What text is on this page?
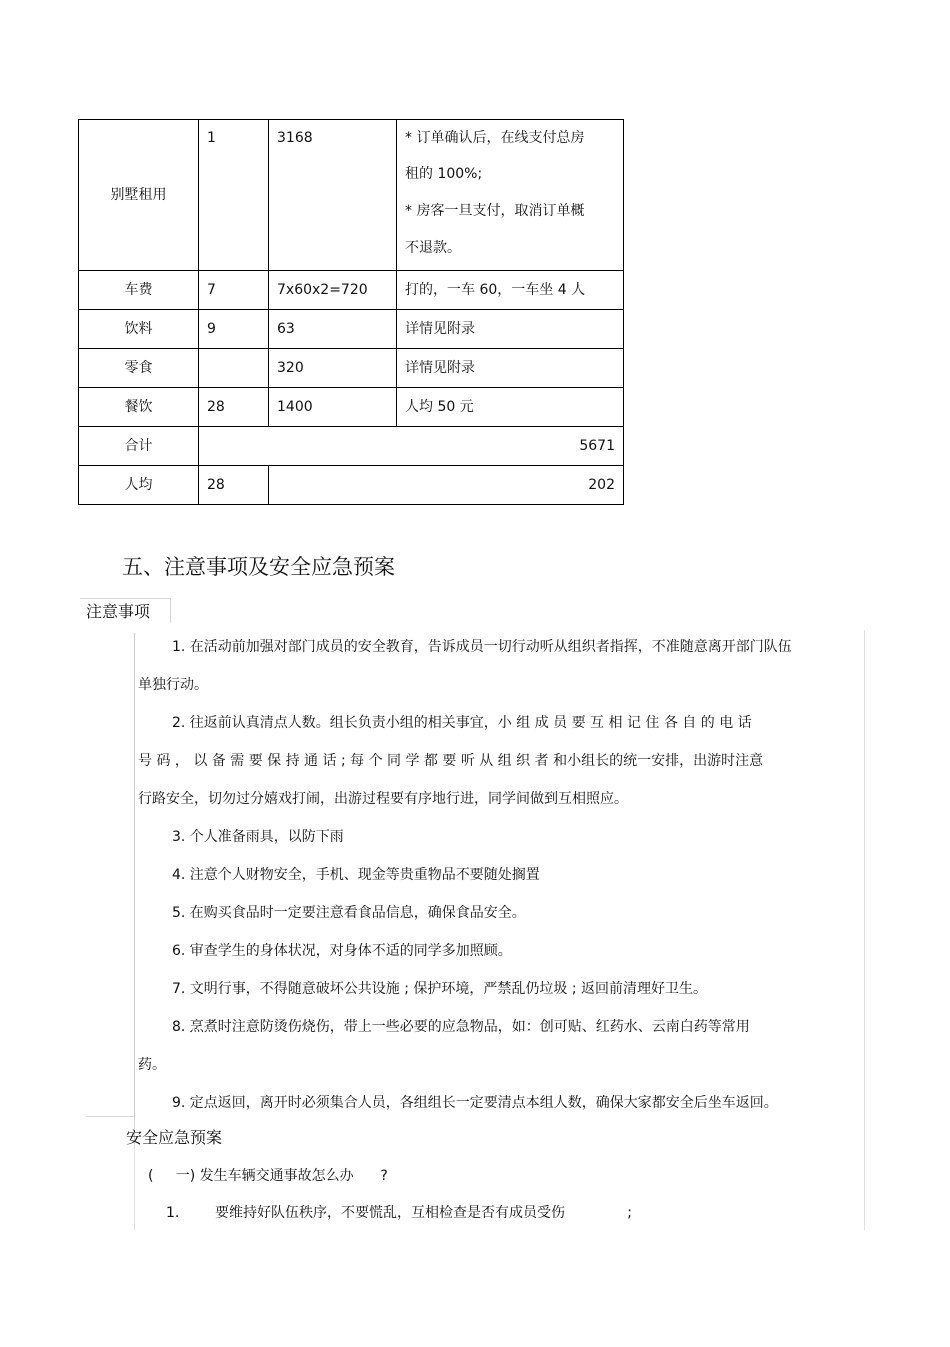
别墅租用	1	3168	* 订单确认后，在线支付总房

租的 100%;

* 房客一旦支付，取消订单概

不退款。

车费	7	7x60x2=720	打的，一车 60，一车坐 4 人
饮料	9	63	详情见附录
零食		320	详情见附录
餐饮	28	1400	人均 50 元
合计	5671		
人均	28	202	
五、注意事项及安全应急预案
注意事项

1. 在活动前加强对部门成员的安全教育，告诉成员一切行动听从组织者指挥，不准随意离开部门队伍

单独行动。

2. 往返前认真清点人数。组长负责小组的相关事宜，小 组 成 员 要 互 相 记 住 各 自 的 电 话

号 码 ， 以 备 需 要 保 持 通 话 ; 每 个 同 学 都 要 听 从 组 织 者 和小组长的统一安排，出游时注意

行路安全，切勿过分嬉戏打闹，出游过程要有序地行进，同学间做到互相照应。

3. 个人准备雨具，以防下雨

4. 注意个人财物安全，手机、现金等贵重物品不要随处搁置

5. 在购买食品时一定要注意看食品信息，确保食品安全。

6. 审查学生的身体状况，对身体不适的同学多加照顾。

7. 文明行事，不得随意破坏公共设施 ; 保护环境，严禁乱仍垃圾 ; 返回前清理好卫生。

8. 烹煮时注意防烫伤烧伤，带上一些必要的应急物品，如：创可贴、红药水、云南白药等常用

药。

9. 定点返回，离开时必须集合人员，各组组长一定要清点本组人数，确保大家都安全后坐车返回。

安全应急预案
(     一) 发生车辆交通事故怎么办      ?
1.        要维持好队伍秩序，不要慌乱，互相检查是否有成员受伤              ;
